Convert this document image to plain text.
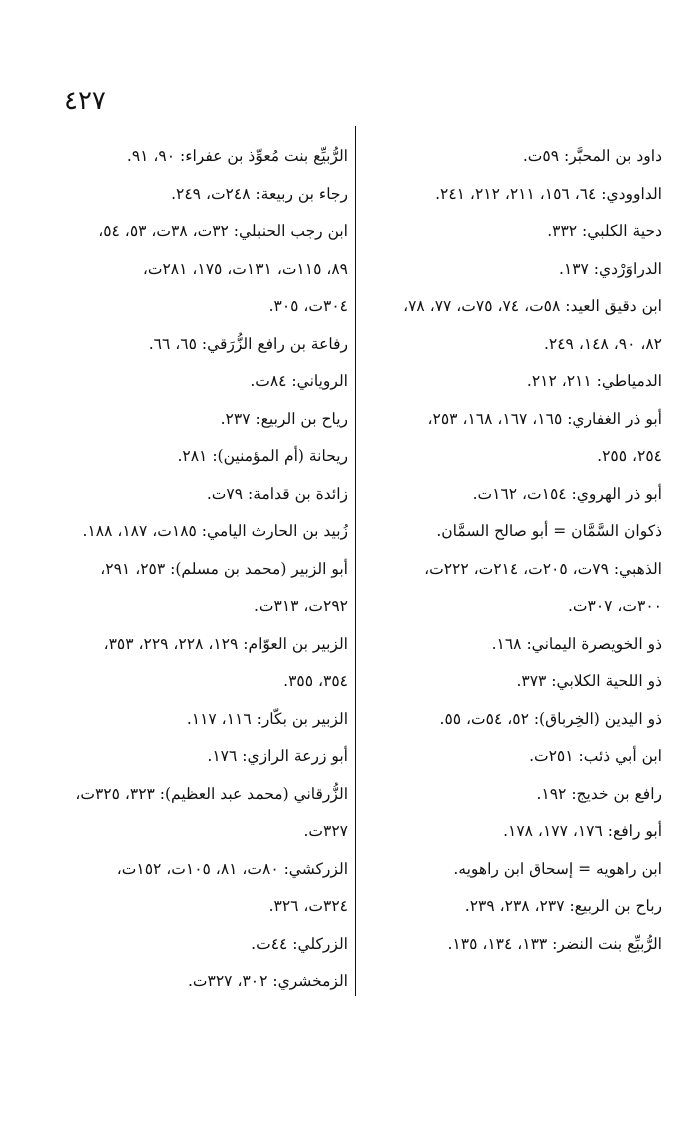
٤٢٧
داود بن المحبَّر: ٥٩ت.
الداوودي: ٦٤، ١٥٦، ٢١١، ٢١٢، ٢٤١.
دحية الكلبي: ٣٣٢.
الدراوَرْدي: ١٣٧.
ابن دقيق العيد: ٥٨ت، ٧٤، ٧٥ت، ٧٧، ٧٨،
٨٢، ٩٠، ١٤٨، ٢٤٩.
الدمياطي: ٢١١، ٢١٢.
أبو ذر الغفاري: ١٦٥، ١٦٧، ١٦٨، ٢٥٣،
٢٥٤، ٢٥٥.
أبو ذر الهروي: ١٥٤ت، ١٦٢ت.
ذكوان السَّمَّان = أبو صالح السمَّان.
الذهبي: ٧٩ت، ٢٠٥ت، ٢١٤ت، ٢٢٢ت،
٣٠٠ت، ٣٠٧ت.
ذو الخويصرة اليماني: ١٦٨.
ذو اللحية الكلابي: ٣٧٣.
ذو اليدين (الخِرباق): ٥٢، ٥٤ت، ٥٥.
ابن أبي ذئب: ٢٥١ت.
رافع بن خديج: ١٩٢.
أبو رافع: ١٧٦، ١٧٧، ١٧٨.
ابن راهويه = إسحاق ابن راهويه.
رباح بن الربيع: ٢٣٧، ٢٣٨، ٢٣٩.
الرُّبيِّع بنت النضر: ١٣٣، ١٣٤، ١٣٥.
الرُّبيِّع بنت مُعوِّذ بن عفراء: ٩٠، ٩١.
رجاء بن ربيعة: ٢٤٨ت، ٢٤٩.
ابن رجب الحنبلي: ٣٢ت، ٣٨ت، ٥٣، ٥٤،
٨٩، ١١٥ت، ١٣١ت، ١٧٥، ٢٨١ت،
٣٠٤ت، ٣٠٥.
رفاعة بن رافع الزُّرَقي: ٦٥، ٦٦.
الروياني: ٨٤ت.
رياح بن الربيع: ٢٣٧.
ريحانة (أم المؤمنين): ٢٨١.
زائدة بن قدامة: ٧٩ت.
زُبيد بن الحارث اليامي: ١٨٥ت، ١٨٧، ١٨٨.
أبو الزبير (محمد بن مسلم): ٢٥٣، ٢٩١،
٢٩٢ت، ٣١٣ت.
الزبير بن العوّام: ١٢٩، ٢٢٨، ٢٢٩، ٣٥٣،
٣٥٤، ٣٥٥.
الزبير بن بكّار: ١١٦، ١١٧.
أبو زرعة الرازي: ١٧٦.
الزُّرقاني (محمد عبد العظيم): ٣٢٣، ٣٢٥ت،
٣٢٧ت.
الزركشي: ٨٠ت، ٨١، ١٠٥ت، ١٥٢ت،
٣٢٤ت، ٣٢٦.
الزركلي: ٤٤ت.
الزمخشري: ٣٠٢، ٣٢٧ت.
